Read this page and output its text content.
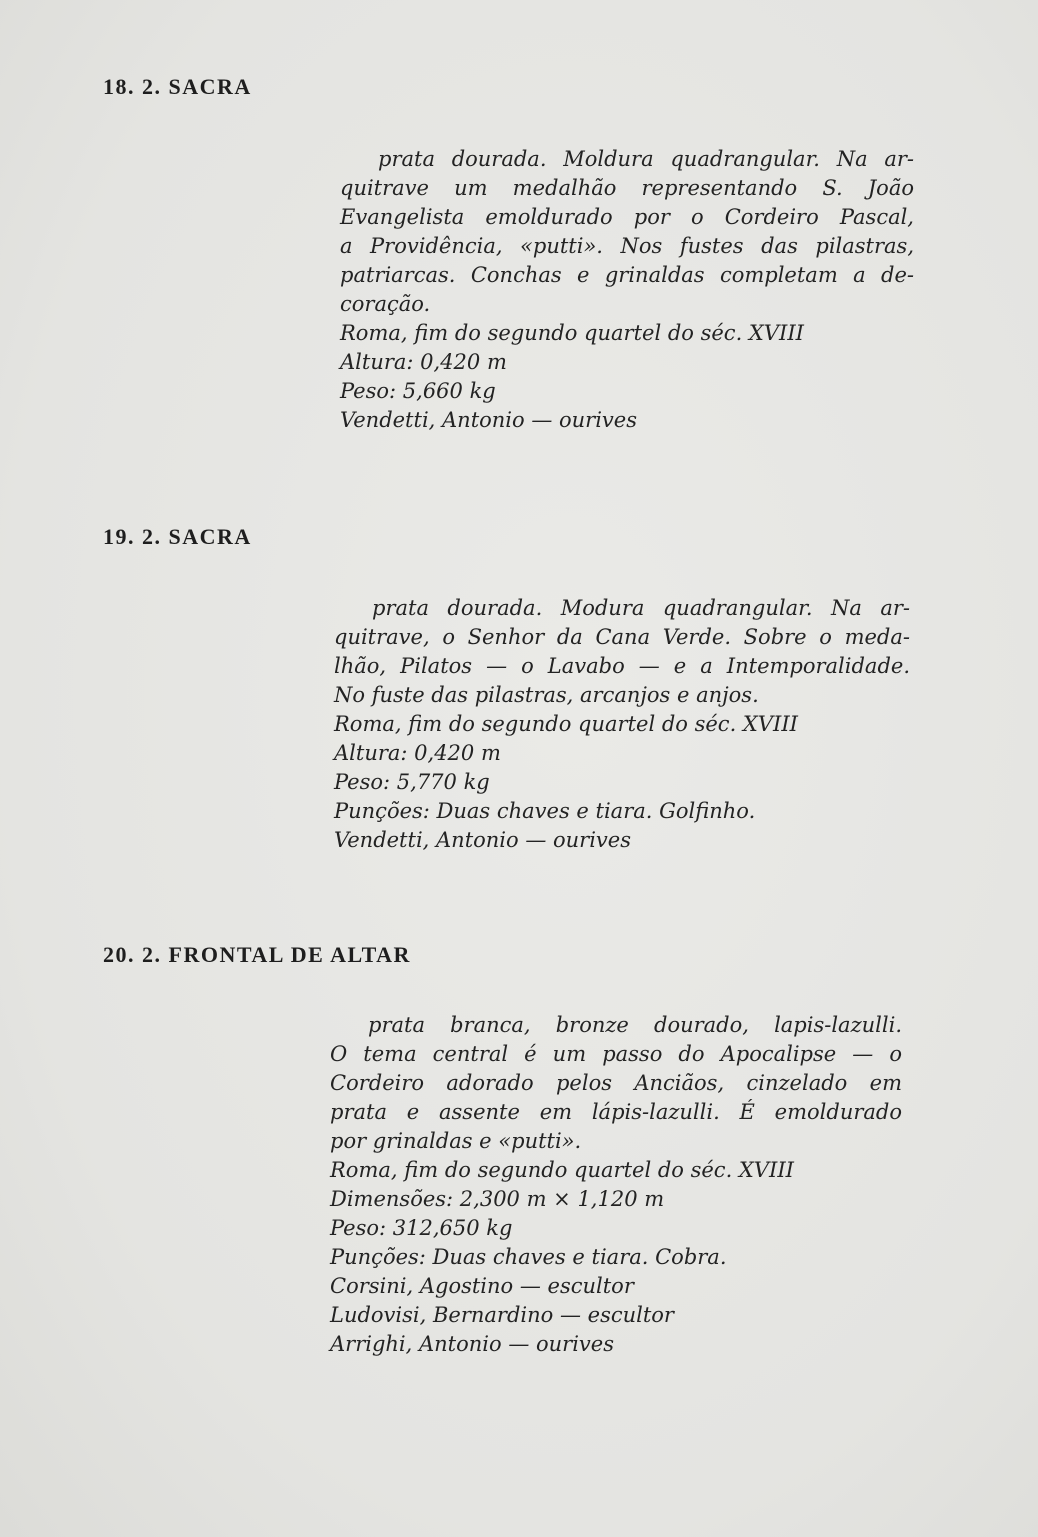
18. 2. SACRA
prata dourada. Moldura quadrangular. Na ar-
quitrave um medalhão representando S. João
Evangelista emoldurado por o Cordeiro Pascal,
a Providência, «putti». Nos fustes das pilastras,
patriarcas. Conchas e grinaldas completam a de-
coração.
Roma, fim do segundo quartel do séc. XVIII
Altura: 0,420 m
Peso: 5,660 kg
Vendetti, Antonio — ourives
19. 2. SACRA
prata dourada. Modura quadrangular. Na ar-
quitrave, o Senhor da Cana Verde. Sobre o meda-
lhão, Pilatos — o Lavabo — e a Intemporalidade.
No fuste das pilastras, arcanjos e anjos.
Roma, fim do segundo quartel do séc. XVIII
Altura: 0,420 m
Peso: 5,770 kg
Punções: Duas chaves e tiara. Golfinho.
Vendetti, Antonio — ourives
20. 2. FRONTAL DE ALTAR
prata branca, bronze dourado, lapis-lazulli.
O tema central é um passo do Apocalipse — o
Cordeiro adorado pelos Anciãos, cinzelado em
prata e assente em lápis-lazulli. É emoldurado
por grinaldas e «putti».
Roma, fim do segundo quartel do séc. XVIII
Dimensões: 2,300 m × 1,120 m
Peso: 312,650 kg
Punções: Duas chaves e tiara. Cobra.
Corsini, Agostino — escultor
Ludovisi, Bernardino — escultor
Arrighi, Antonio — ourives
